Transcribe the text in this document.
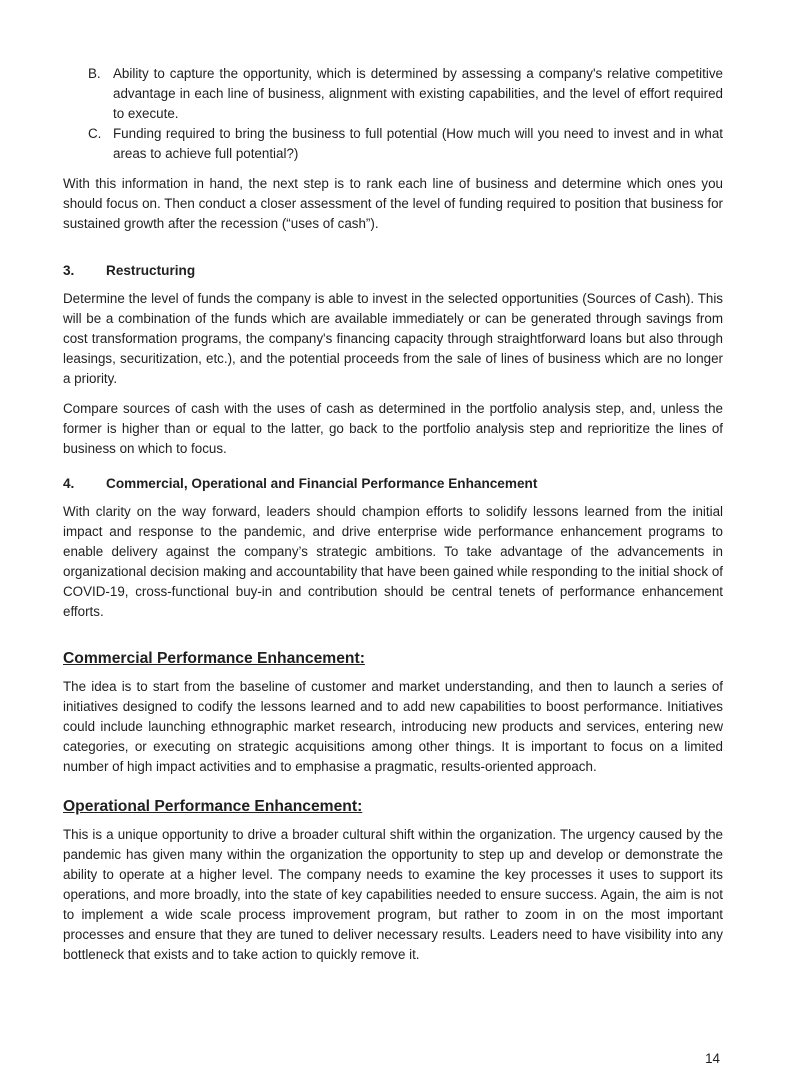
B. Ability to capture the opportunity, which is determined by assessing a company's relative competitive advantage in each line of business, alignment with existing capabilities, and the level of effort required to execute.
C. Funding required to bring the business to full potential (How much will you need to invest and in what areas to achieve full potential?)

With this information in hand, the next step is to rank each line of business and determine which ones you should focus on. Then conduct a closer assessment of the level of funding required to position that business for sustained growth after the recession (“uses of cash”).

3. Restructuring

Determine the level of funds the company is able to invest in the selected opportunities (Sources of Cash). This will be a combination of the funds which are available immediately or can be generated through savings from cost transformation programs, the company's financing capacity through straightforward loans but also through leasings, securitization, etc.), and the potential proceeds from the sale of lines of business which are no longer a priority.

Compare sources of cash with the uses of cash as determined in the portfolio analysis step, and, unless the former is higher than or equal to the latter, go back to the portfolio analysis step and reprioritize the lines of business on which to focus.

4. Commercial, Operational and Financial Performance Enhancement

With clarity on the way forward, leaders should champion efforts to solidify lessons learned from the initial impact and response to the pandemic, and drive enterprise wide performance enhancement programs to enable delivery against the company’s strategic ambitions. To take advantage of the advancements in organizational decision making and accountability that have been gained while responding to the initial shock of COVID-19, cross-functional buy-in and contribution should be central tenets of performance enhancement efforts.

Commercial Performance Enhancement:

The idea is to start from the baseline of customer and market understanding, and then to launch a series of initiatives designed to codify the lessons learned and to add new capabilities to boost performance. Initiatives could include launching ethnographic market research, introducing new products and services, entering new categories, or executing on strategic acquisitions among other things. It is important to focus on a limited number of high impact activities and to emphasise a pragmatic, results-oriented approach.

Operational Performance Enhancement:

This is a unique opportunity to drive a broader cultural shift within the organization. The urgency caused by the pandemic has given many within the organization the opportunity to step up and develop or demonstrate the ability to operate at a higher level. The company needs to examine the key processes it uses to support its operations, and more broadly, into the state of key capabilities needed to ensure success. Again, the aim is not to implement a wide scale process improvement program, but rather to zoom in on the most important processes and ensure that they are tuned to deliver necessary results. Leaders need to have visibility into any bottleneck that exists and to take action to quickly remove it.

14
